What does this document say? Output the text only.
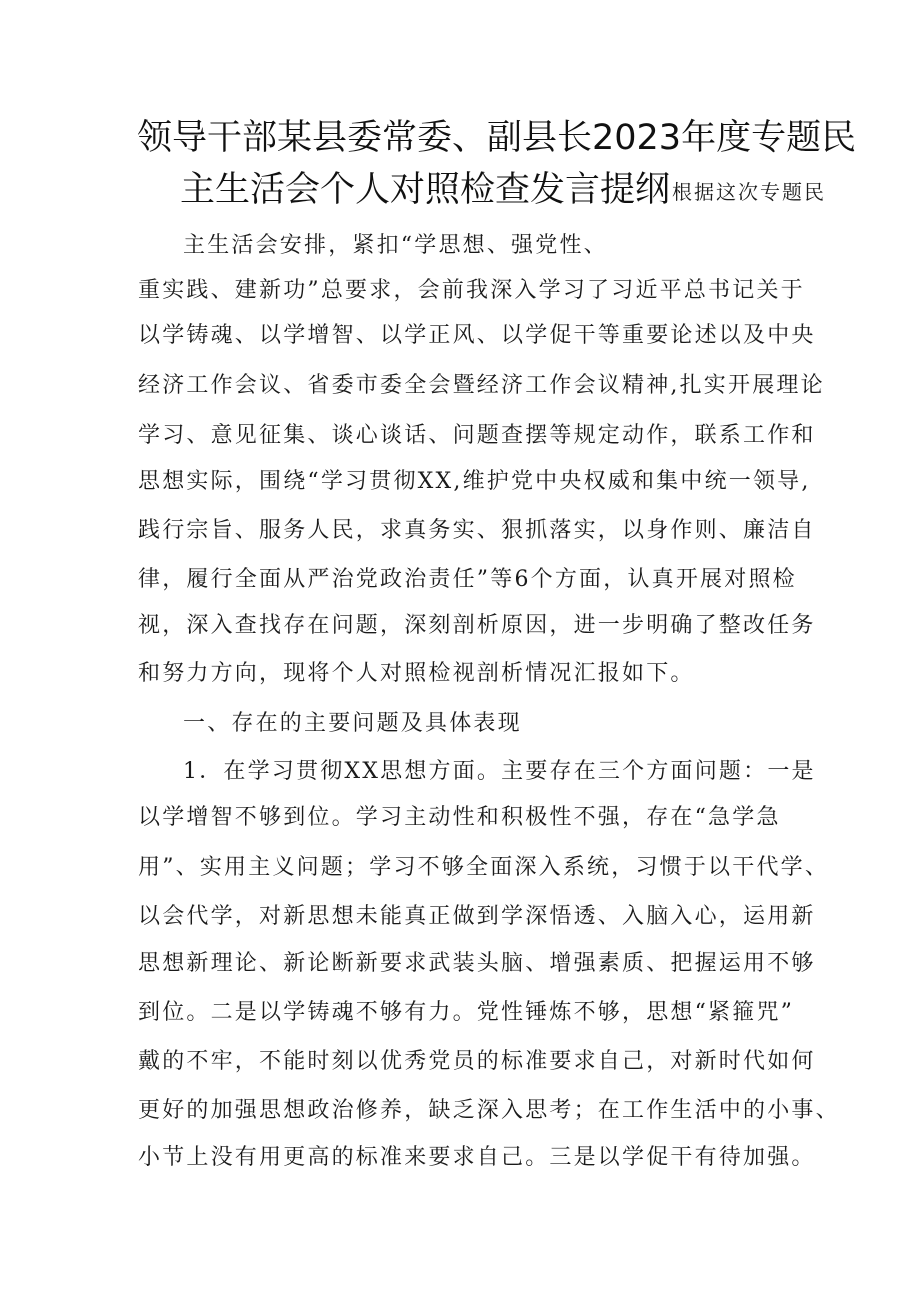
领导干部某县委常委、副县长2023年度专题民
主生活会个人对照检查发言提纲 根据这次专题民
主生活会安排，紧扣“学思想、强党性、
重实践、建新功”总要求，会前我深入学习了习近平总书记关于
以学铸魂、以学增智、以学正风、以学促干等重要论述以及中央
经济工作会议、省委市委全会暨经济工作会议精神,扎实开展理论
学习、意见征集、谈心谈话、问题查摆等规定动作，联系工作和
思想实际，围绕“学习贯彻XX,维护党中央权威和集中统一领导,
践行宗旨、服务人民，求真务实、狠抓落实，以身作则、廉洁自
律，履行全面从严治党政治责任”等6个方面，认真开展对照检
视，深入查找存在问题，深刻剖析原因，进一步明确了整改任务
和努力方向，现将个人对照检视剖析情况汇报如下。
一、存在的主要问题及具体表现
1．在学习贯彻XX思想方面。主要存在三个方面问题：一是
以学增智不够到位。学习主动性和积极性不强，存在“急学急
用”、实用主义问题；学习不够全面深入系统，习惯于以干代学、
以会代学，对新思想未能真正做到学深悟透、入脑入心，运用新
思想新理论、新论断新要求武装头脑、增强素质、把握运用不够
到位。二是以学铸魂不够有力。党性锤炼不够，思想“紧箍咒”
戴的不牢，不能时刻以优秀党员的标准要求自己，对新时代如何
更好的加强思想政治修养，缺乏深入思考；在工作生活中的小事、
小节上没有用更高的标准来要求自己。三是以学促干有待加强。
